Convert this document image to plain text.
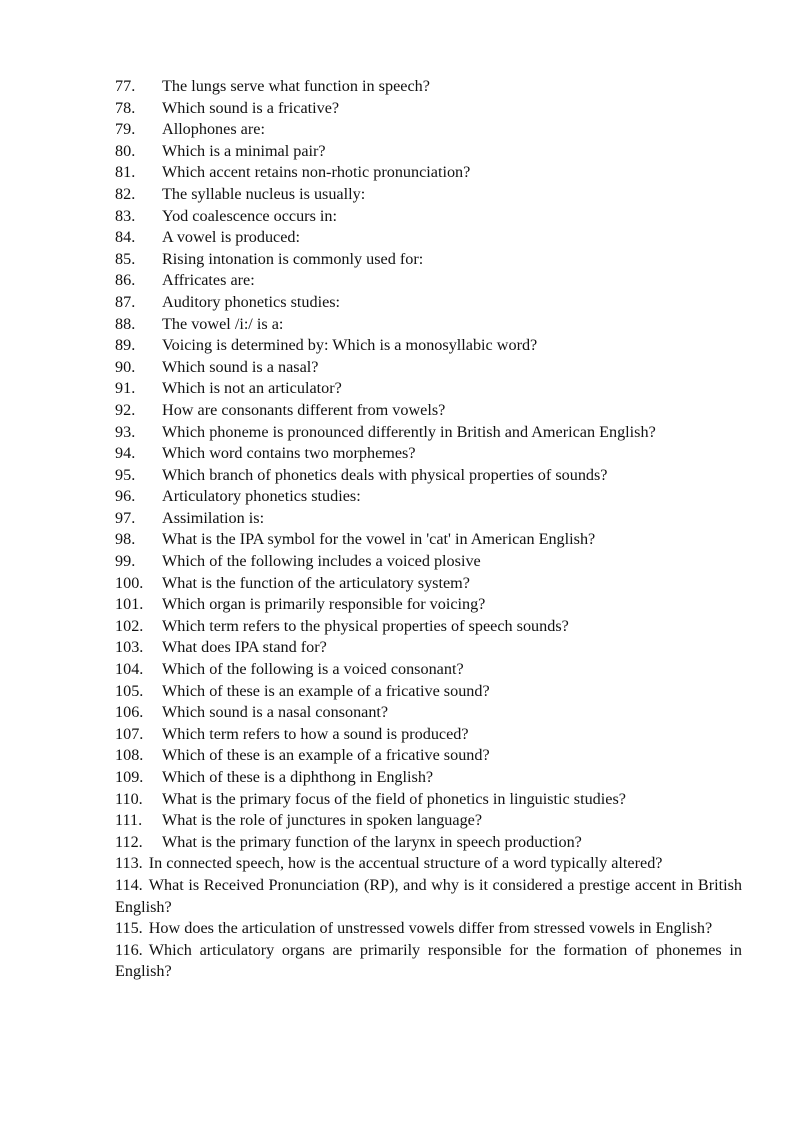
77. The lungs serve what function in speech?
78. Which sound is a fricative?
79. Allophones are:
80. Which is a minimal pair?
81. Which accent retains non-rhotic pronunciation?
82. The syllable nucleus is usually:
83. Yod coalescence occurs in:
84. A vowel is produced:
85. Rising intonation is commonly used for:
86. Affricates are:
87. Auditory phonetics studies:
88. The vowel /i:/ is a:
89. Voicing is determined by: Which is a monosyllabic word?
90. Which sound is a nasal?
91. Which is not an articulator?
92. How are consonants different from vowels?
93. Which phoneme is pronounced differently in British and American English?
94. Which word contains two morphemes?
95. Which branch of phonetics deals with physical properties of sounds?
96. Articulatory phonetics studies:
97. Assimilation is:
98. What is the IPA symbol for the vowel in 'cat' in American English?
99. Which of the following includes a voiced plosive
100. What is the function of the articulatory system?
101. Which organ is primarily responsible for voicing?
102. Which term refers to the physical properties of speech sounds?
103. What does IPA stand for?
104. Which of the following is a voiced consonant?
105. Which of these is an example of a fricative sound?
106. Which sound is a nasal consonant?
107. Which term refers to how a sound is produced?
108. Which of these is an example of a fricative sound?
109. Which of these is a diphthong in English?
110. What is the primary focus of the field of phonetics in linguistic studies?
111. What is the role of junctures in spoken language?
112. What is the primary function of the larynx in speech production?
113. In connected speech, how is the accentual structure of a word typically altered?
114. What is Received Pronunciation (RP), and why is it considered a prestige accent in British English?
115. How does the articulation of unstressed vowels differ from stressed vowels in English?
116. Which articulatory organs are primarily responsible for the formation of phonemes in English?
